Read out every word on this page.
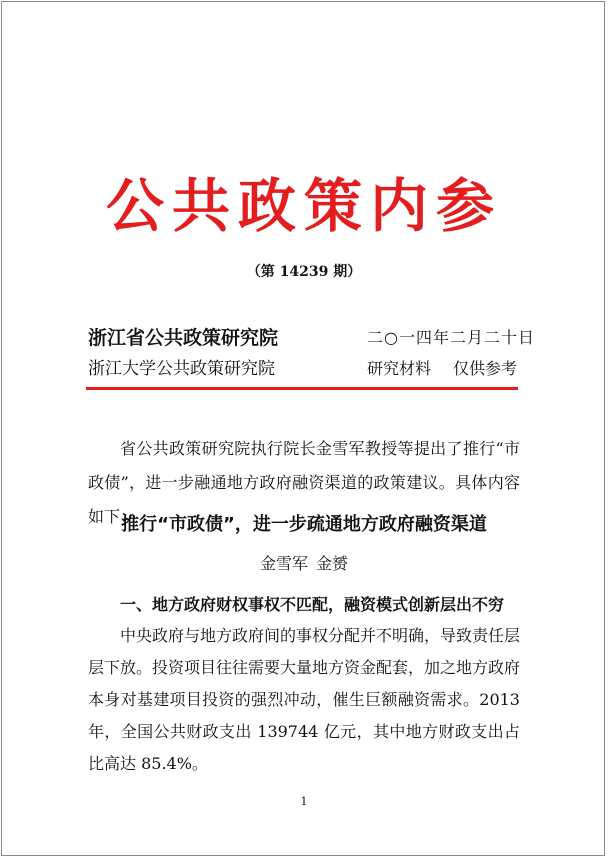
公共政策内参
（第 14239 期）
浙江省公共政策研究院
浙江大学公共政策研究院
二○一四年二月二十日
研究材料 仅供参考

省公共政策研究院执行院长金雪军教授等提出了推行“市政债”，进一步融通地方政府融资渠道的政策建议。具体内容如下：

推行“市政债”，进一步疏通地方政府融资渠道
金雪军 金赟
一、地方政府财权事权不匹配，融资模式创新层出不穷

中央政府与地方政府间的事权分配并不明确，导致责任层层下放。投资项目往往需要大量地方资金配套，加之地方政府本身对基建项目投资的强烈冲动，催生巨额融资需求。2013 年，全国公共财政支出 139744 亿元，其中地方财政支出占比高达 85.4%。

1
